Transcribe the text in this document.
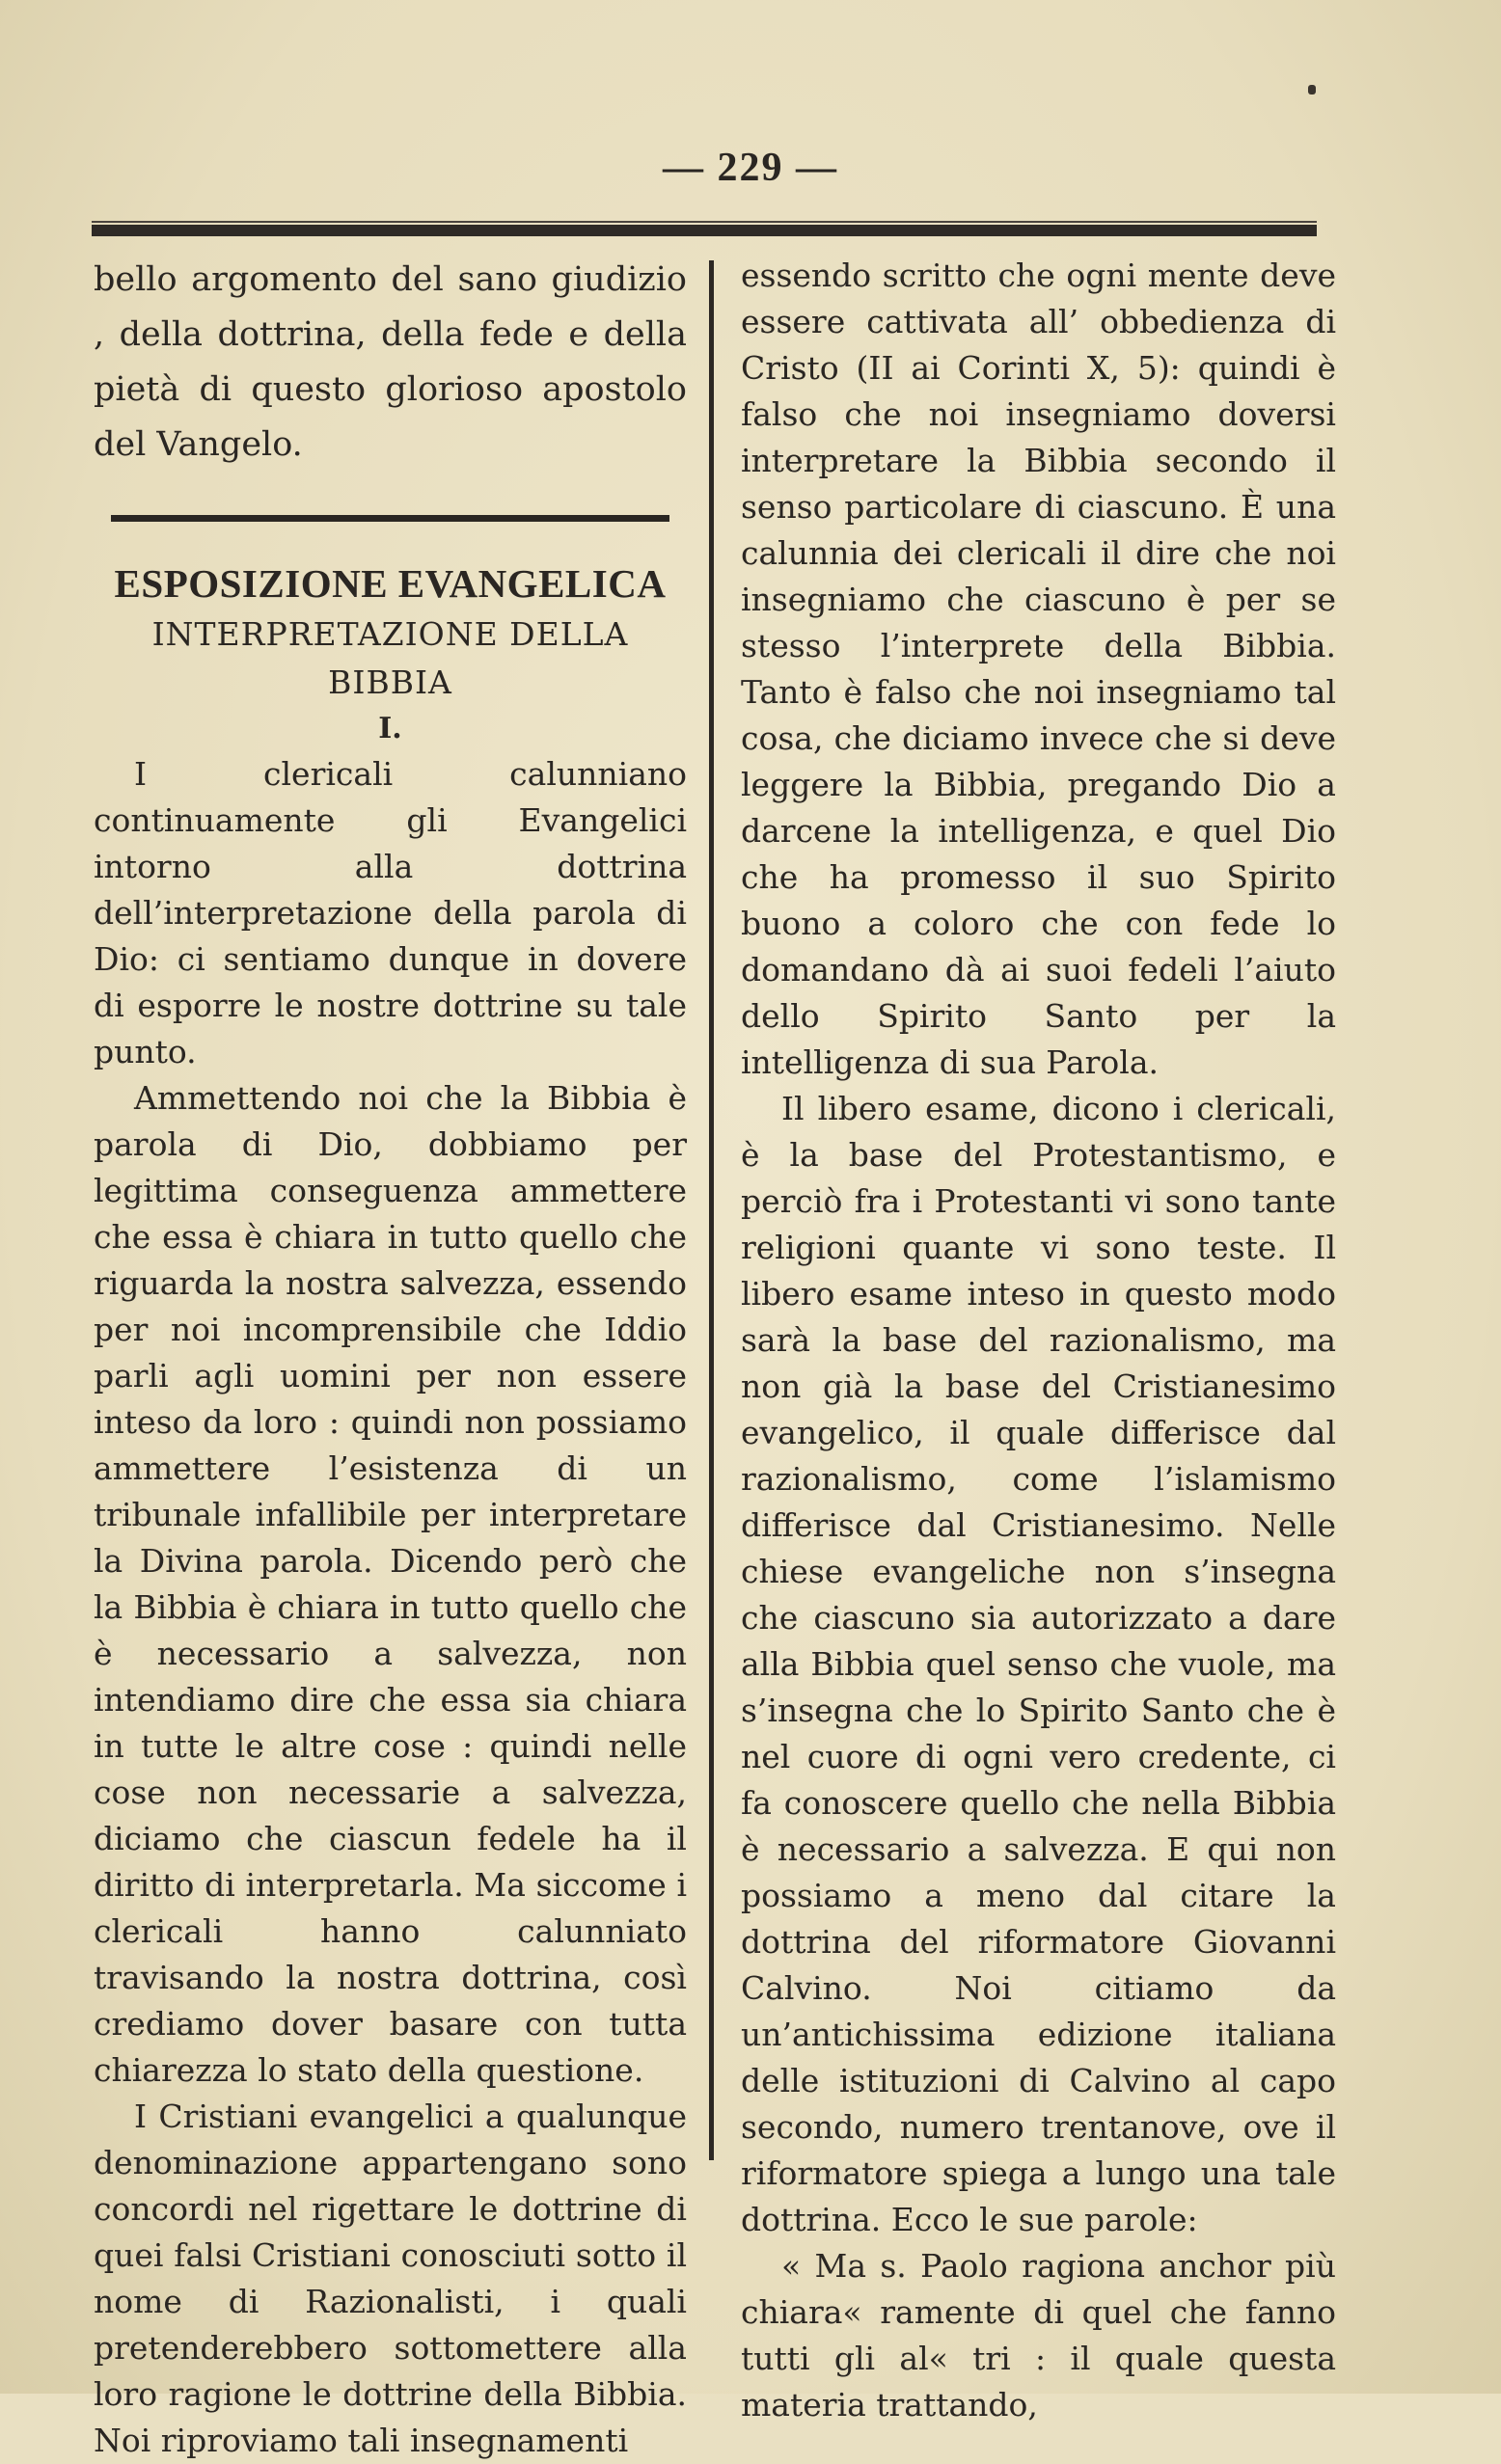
— 229 —

bello argomento del sano giudizio , della dottrina, della fede e della pietà di questo glorioso apostolo del Vangelo.

ESPOSIZIONE EVANGELICA
INTERPRETAZIONE DELLA BIBBIA
I.

I clericali calunniano continuamente gli Evangelici intorno alla dottrina dell’interpretazione della parola di Dio: ci sentiamo dunque in dovere di esporre le nostre dottrine su tale punto.

Ammettendo noi che la Bibbia è parola di Dio, dobbiamo per legittima conseguenza ammettere che essa è chiara in tutto quello che riguarda la nostra salvezza, essendo per noi incomprensibile che Iddio parli agli uomini per non essere inteso da loro : quindi non possiamo ammettere l’esistenza di un tribunale infallibile per interpretare la Divina parola. Dicendo però che la Bibbia è chiara in tutto quello che è necessario a salvezza, non intendiamo dire che essa sia chiara in tutte le altre cose : quindi nelle cose non necessarie a salvezza, diciamo che ciascun fedele ha il diritto di interpretarla. Ma siccome i clericali hanno calunniato travisando la nostra dottrina, così crediamo dover basare con tutta chiarezza lo stato della questione.

I Cristiani evangelici a qualunque denominazione appartengano sono concordi nel rigettare le dottrine di quei falsi Cristiani conosciuti sotto il nome di Razionalisti, i quali pretenderebbero sottomettere alla loro ragione le dottrine della Bibbia. Noi riproviamo tali insegnamenti

essendo scritto che ogni mente deve essere cattivata all’ obbedienza di Cristo (II ai Corinti X, 5): quindi è falso che noi insegniamo doversi interpretare la Bibbia secondo il senso particolare di ciascuno. È una calunnia dei clericali il dire che noi insegniamo che ciascuno è per se stesso l’interprete della Bibbia. Tanto è falso che noi insegniamo tal cosa, che diciamo invece che si deve leggere la Bibbia, pregando Dio a darcene la intelligenza, e quel Dio che ha promesso il suo Spirito buono a coloro che con fede lo domandano dà ai suoi fedeli l’aiuto dello Spirito Santo per la intelligenza di sua Parola.

Il libero esame, dicono i clericali, è la base del Protestantismo, e perciò fra i Protestanti vi sono tante religioni quante vi sono teste. Il libero esame inteso in questo modo sarà la base del razionalismo, ma non già la base del Cristianesimo evangelico, il quale differisce dal razionalismo, come l’islamismo differisce dal Cristianesimo. Nelle chiese evangeliche non s’insegna che ciascuno sia autorizzato a dare alla Bibbia quel senso che vuole, ma s’insegna che lo Spirito Santo che è nel cuore di ogni vero credente, ci fa conoscere quello che nella Bibbia è necessario a salvezza. E qui non possiamo a meno dal citare la dottrina del riformatore Giovanni Calvino. Noi citiamo da un’antichissima edizione italiana delle istituzioni di Calvino al capo secondo, numero trentanove, ove il riformatore spiega a lungo una tale dottrina. Ecco le sue parole:

« Ma s. Paolo ragiona anchor più chiara« ramente di quel che fanno tutti gli al« tri : il quale questa materia trattando,
